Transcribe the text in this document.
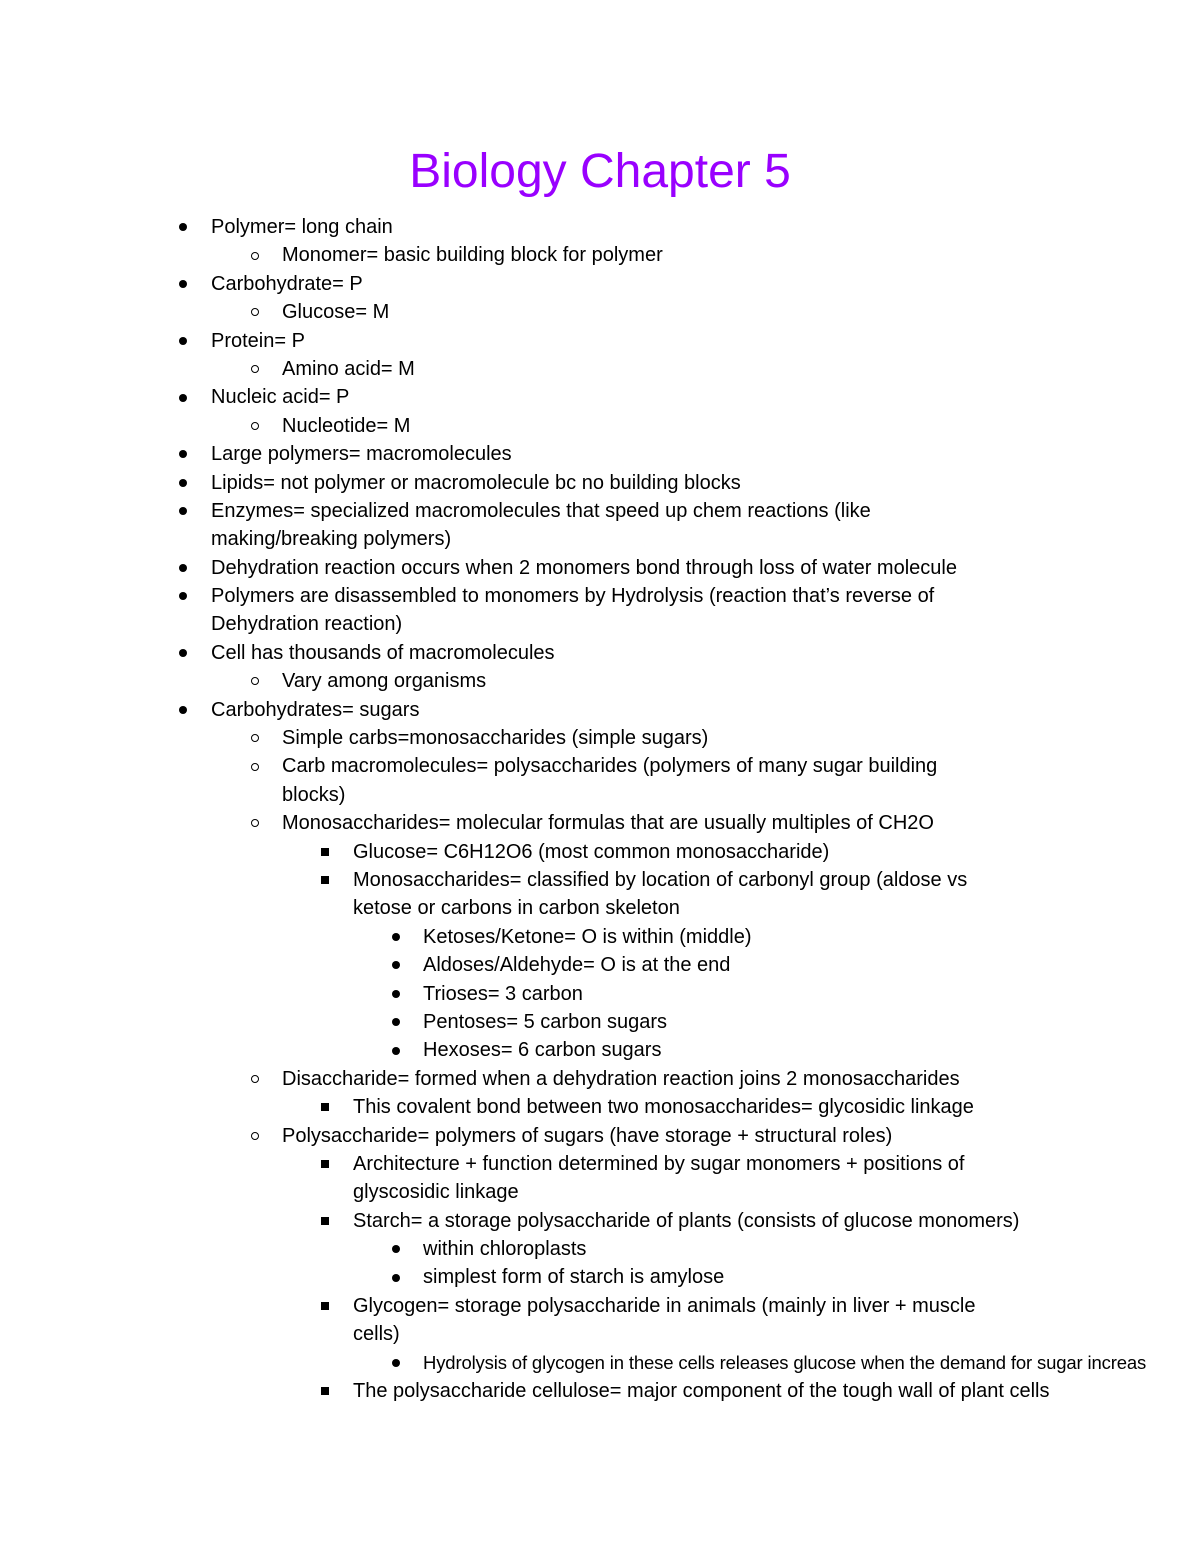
Biology Chapter 5
Polymer= long chain
Monomer= basic building block for polymer
Carbohydrate= P
Glucose= M
Protein= P
Amino acid= M
Nucleic acid= P
Nucleotide= M
Large polymers= macromolecules
Lipids= not polymer or macromolecule bc no building blocks
Enzymes= specialized macromolecules that speed up chem reactions (like
making/breaking polymers)
Dehydration reaction occurs when 2 monomers bond through loss of water molecule
Polymers are disassembled to monomers by Hydrolysis (reaction that’s reverse of
Dehydration reaction)
Cell has thousands of macromolecules
Vary among organisms
Carbohydrates= sugars
Simple carbs=monosaccharides (simple sugars)
Carb macromolecules= polysaccharides (polymers of many sugar building
blocks)
Monosaccharides= molecular formulas that are usually multiples of CH2O
Glucose= C6H12O6 (most common monosaccharide)
Monosaccharides= classified by location of carbonyl group (aldose vs
ketose or carbons in carbon skeleton
Ketoses/Ketone= O is within (middle)
Aldoses/Aldehyde= O is at the end
Trioses= 3 carbon
Pentoses= 5 carbon sugars
Hexoses= 6 carbon sugars
Disaccharide= formed when a dehydration reaction joins 2 monosaccharides
This covalent bond between two monosaccharides= glycosidic linkage
Polysaccharide= polymers of sugars (have storage + structural roles)
Architecture + function determined by sugar monomers + positions of
glyscosidic linkage
Starch= a storage polysaccharide of plants (consists of glucose monomers)
within chloroplasts
simplest form of starch is amylose
Glycogen= storage polysaccharide in animals (mainly in liver + muscle
cells)
Hydrolysis of glycogen in these cells releases glucose when the demand for sugar increas
The polysaccharide cellulose= major component of the tough wall of plant cells
